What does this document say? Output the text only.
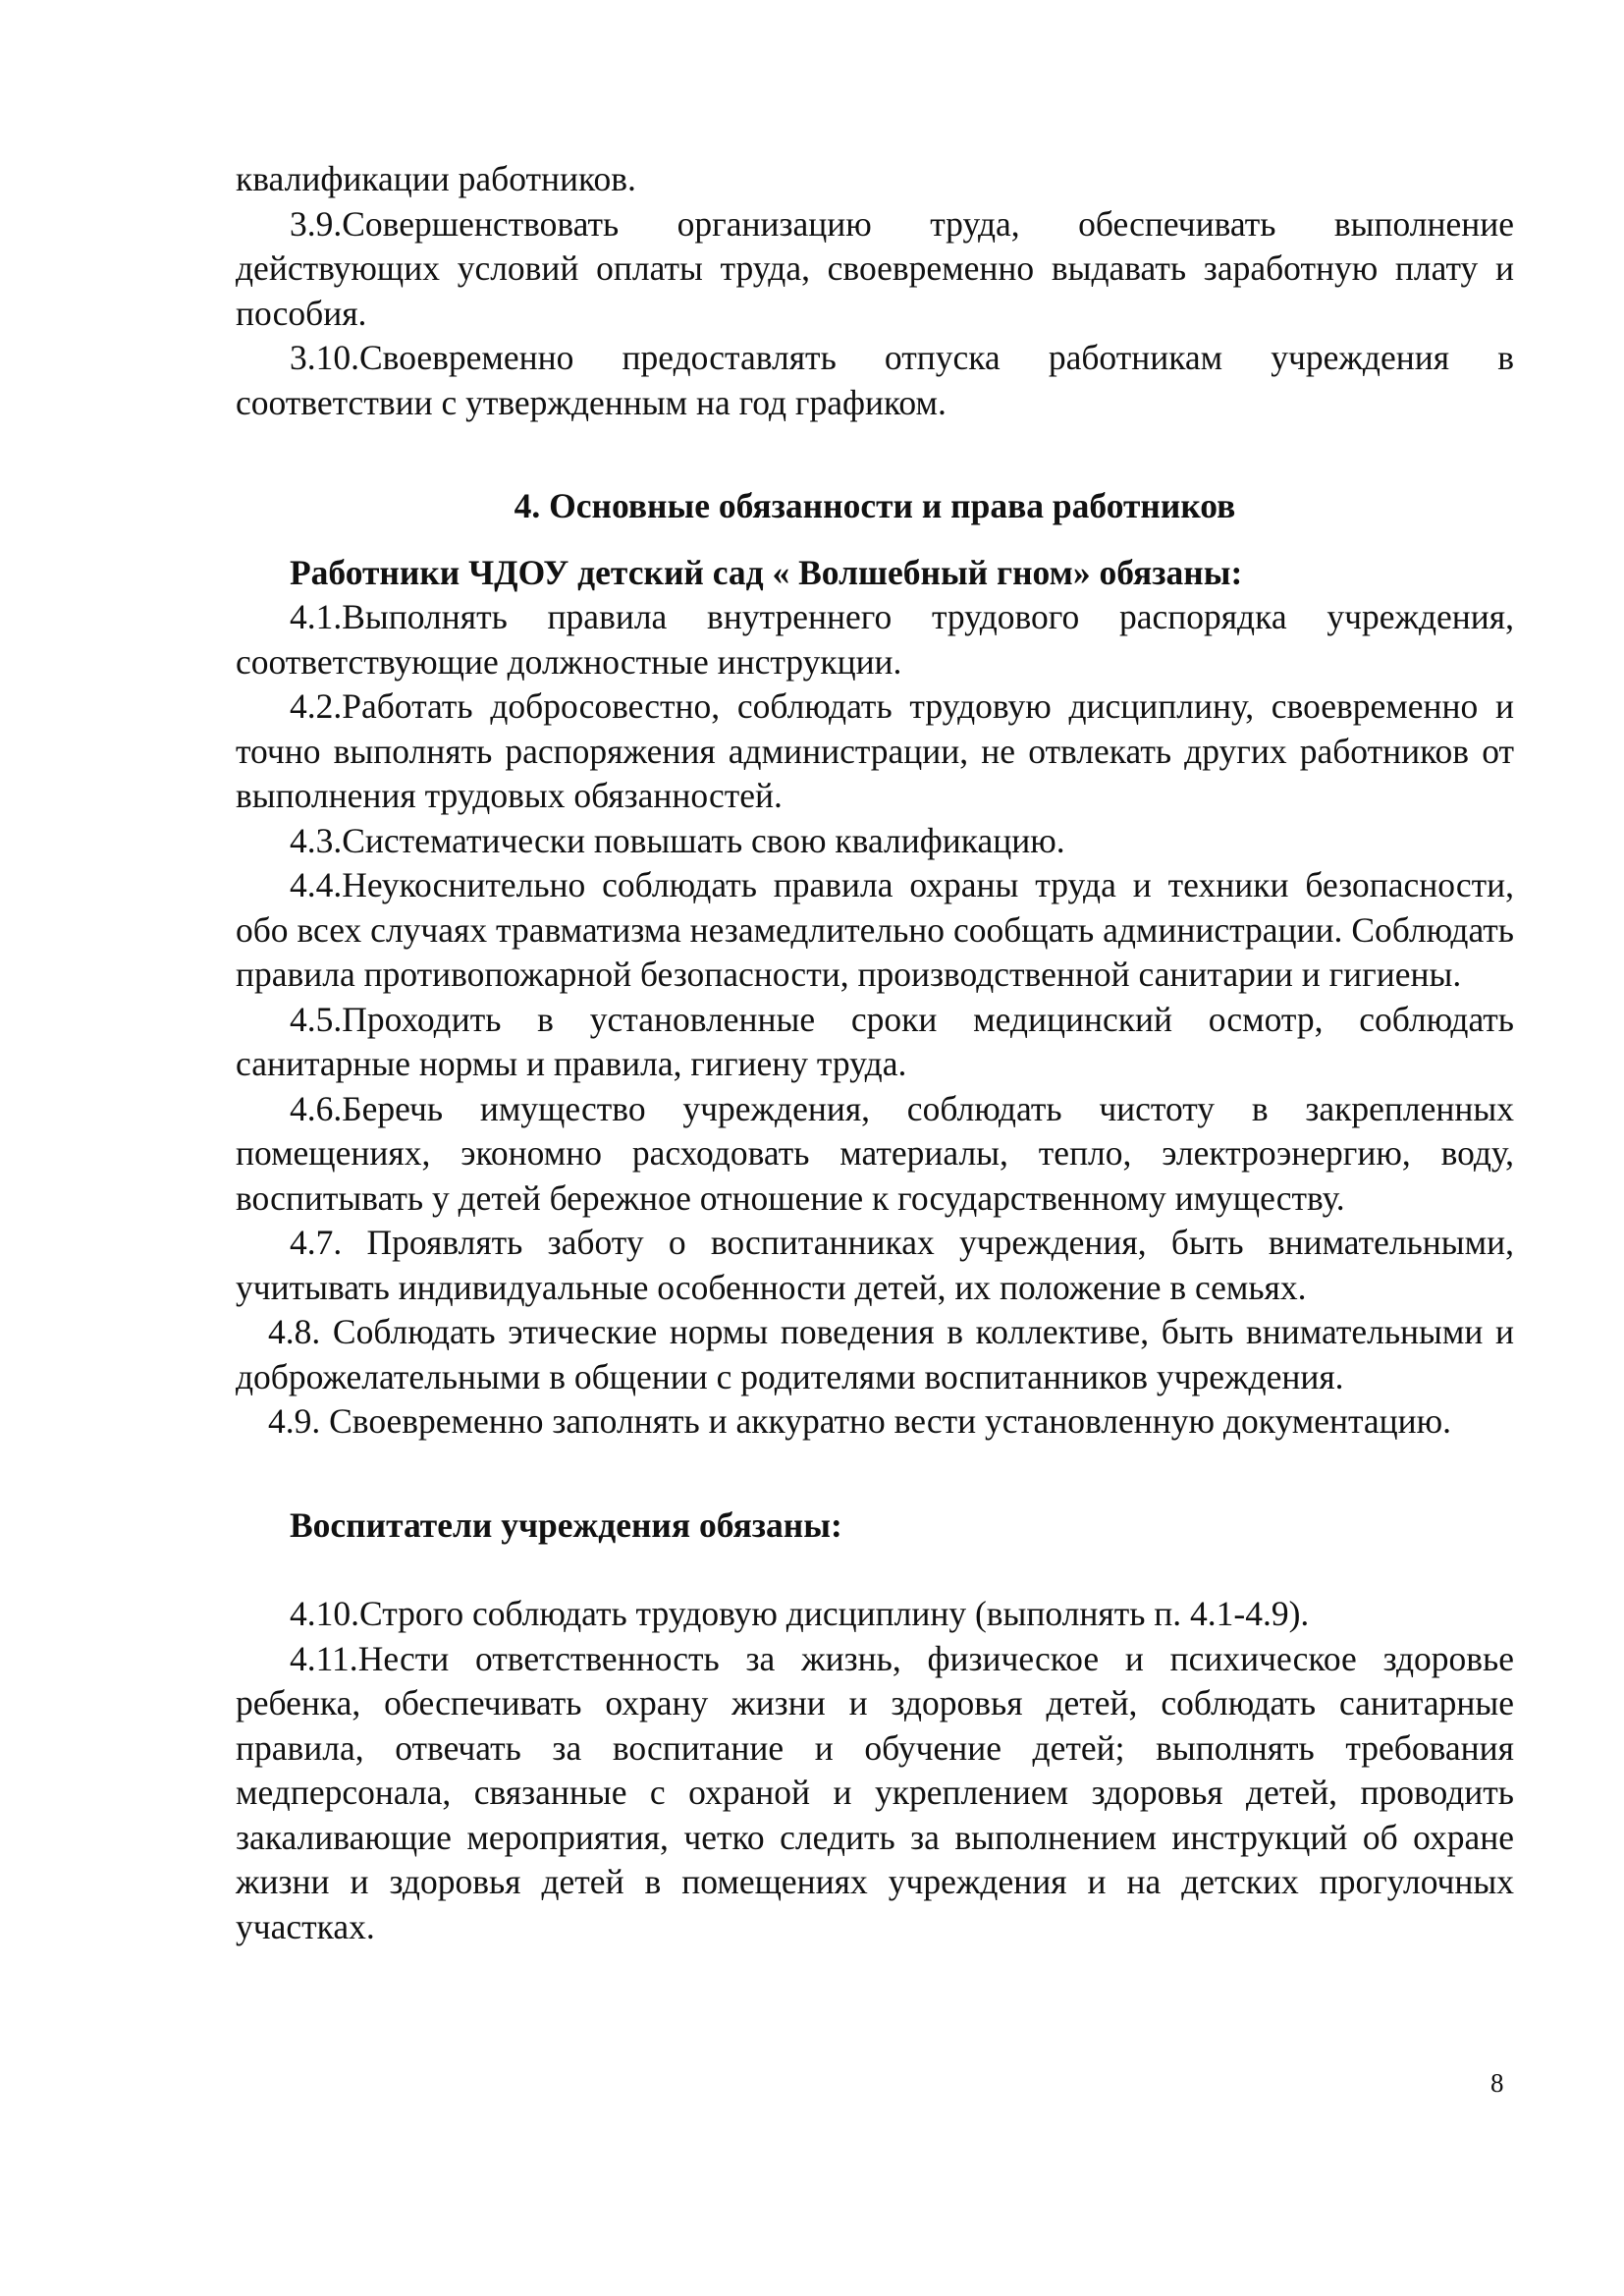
квалификации работников.

3.9.Совершенствовать организацию труда, обеспечивать выполнение действующих условий оплаты труда, своевременно выдавать заработную плату и пособия.

3.10.Своевременно предоставлять отпуска работникам учреждения в соответствии с утвержденным на год графиком.

4. Основные обязанности и права работников

Работники ЧДОУ детский сад « Волшебный гном» обязаны:

4.1.Выполнять правила внутреннего трудового распорядка учреждения, соответствующие должностные инструкции.

4.2.Работать добросовестно, соблюдать трудовую дисциплину, своевременно и точно выполнять распоряжения администрации, не отвлекать других работников от выполнения трудовых обязанностей.

4.3.Систематически повышать свою квалификацию.

4.4.Неукоснительно соблюдать правила охраны труда и техники безопасности, обо всех случаях травматизма незамедлительно сообщать администрации. Соблюдать правила противопожарной безопасности, производственной санитарии и гигиены.

4.5.Проходить в установленные сроки медицинский осмотр, соблюдать санитарные нормы и правила, гигиену труда.

4.6.Беречь имущество учреждения, соблюдать чистоту в закрепленных помещениях, экономно расходовать материалы, тепло, электроэнергию, воду, воспитывать у детей бережное отношение к государственному имуществу.

4.7. Проявлять заботу о воспитанниках учреждения, быть внимательными, учитывать индивидуальные особенности детей, их положение в семьях.

4.8. Соблюдать этические нормы поведения в коллективе, быть внимательными и доброжелательными в общении с родителями воспитанников учреждения.

4.9. Своевременно заполнять и аккуратно вести установленную документацию.

Воспитатели учреждения обязаны:

4.10.Строго соблюдать трудовую дисциплину (выполнять п. 4.1-4.9).

4.11.Нести ответственность за жизнь, физическое и психическое здоровье ребенка, обеспечивать охрану жизни и здоровья детей, соблюдать санитарные правила, отвечать за воспитание и обучение детей; выполнять требования медперсонала, связанные с охраной и укреплением здоровья детей, проводить закаливающие мероприятия, четко следить за выполнением инструкций об охране жизни и здоровья детей в помещениях учреждения и на детских прогулочных участках.

8
